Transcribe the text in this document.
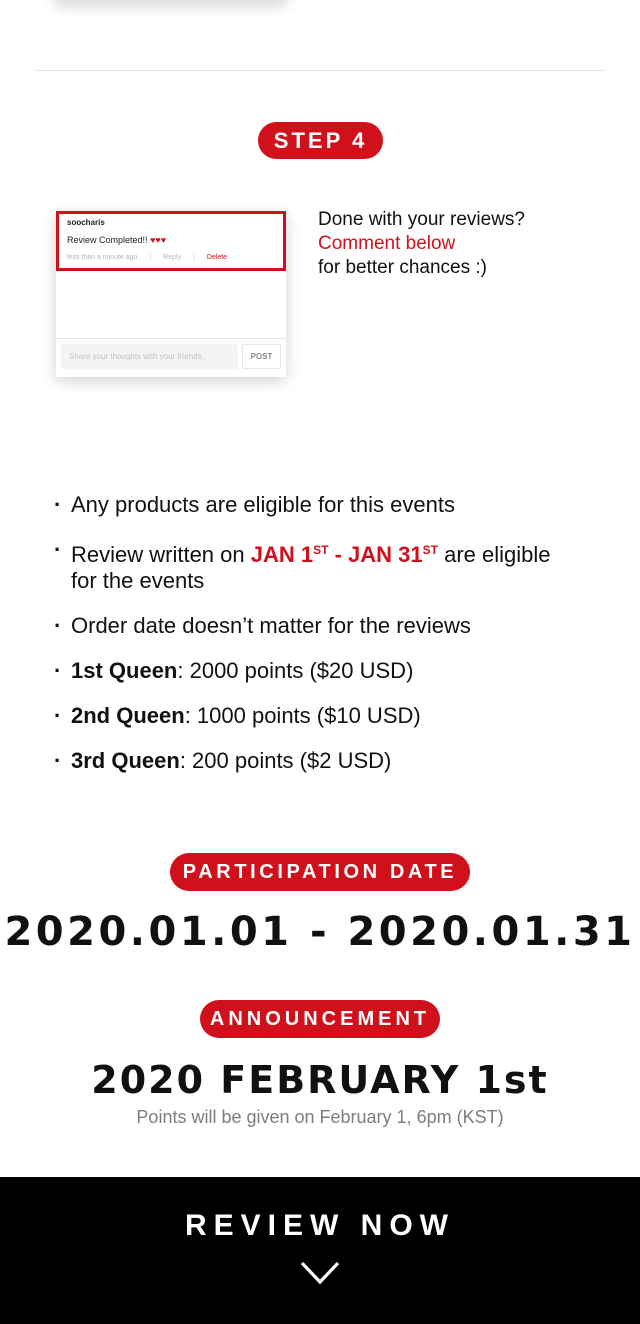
STEP 4
soocharis
Review Completed!! ♥♥♥
less than a minute ago | Reply | Delete
Share your thoughts with your friends.	POST
Done with your reviews?
Comment below
for better chances :)
· Any products are eligible for this events
· Review written on JAN 1ST - JAN 31ST are eligible for the events
· Order date doesn’t matter for the reviews
· 1st Queen: 2000 points ($20 USD)
· 2nd Queen: 1000 points ($10 USD)
· 3rd Queen: 200 points ($2 USD)
PARTICIPATION DATE
2020.01.01 - 2020.01.31
ANNOUNCEMENT
2020 FEBRUARY 1st
Points will be given on February 1, 6pm (KST)
REVIEW NOW
